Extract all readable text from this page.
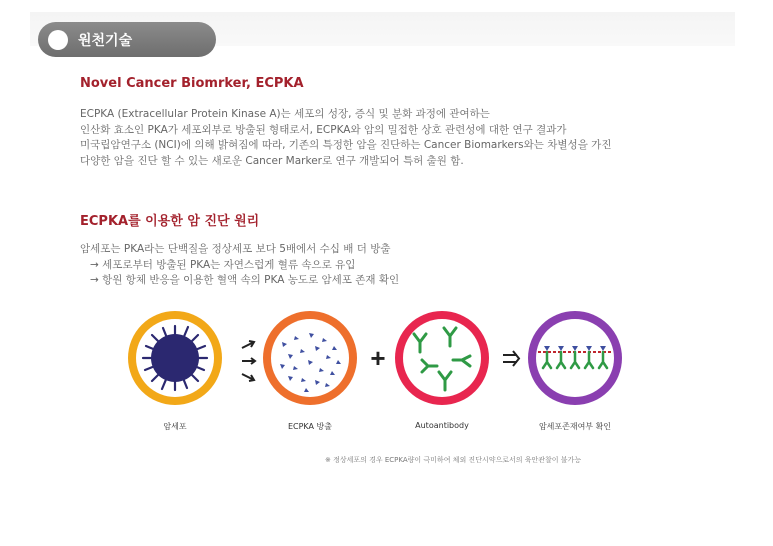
원천기술
Novel Cancer Biomrker, ECPKA
ECPKA (Extracellular Protein Kinase A)는 세포의 성장, 증식 및 분화 과정에 관여하는
인산화 효소인 PKA가 세포외부로 방출된 형태로서, ECPKA와 암의 밀접한 상호 관련성에 대한 연구 결과가
미국립암연구소 (NCI)에 의해 밝혀짐에 따라, 기존의 특정한 암을 진단하는 Cancer Biomarkers와는 차별성을 가진
다양한 암을 진단 할 수 있는 새로운 Cancer Marker로 연구 개발되어 특허 출원 함.
ECPKA를 이용한 암 진단 원리
암세포는 PKA라는 단백질을 정상세포 보다 5배에서 수십 배 더 방출
→ 세포로부터 방출된 PKA는 자연스럽게 혈류 속으로 유입
→ 항원 항체 반응을 이용한 혈액 속의 PKA 농도로 암세포 존재 확인
+
암세포	ECPKA 방출	Autoantibody	암세포존재여부 확인
※ 정상세포의 경우 ECPKA량이 극미하여 체외 진단시약으로서의 육안관찰이 불가능
